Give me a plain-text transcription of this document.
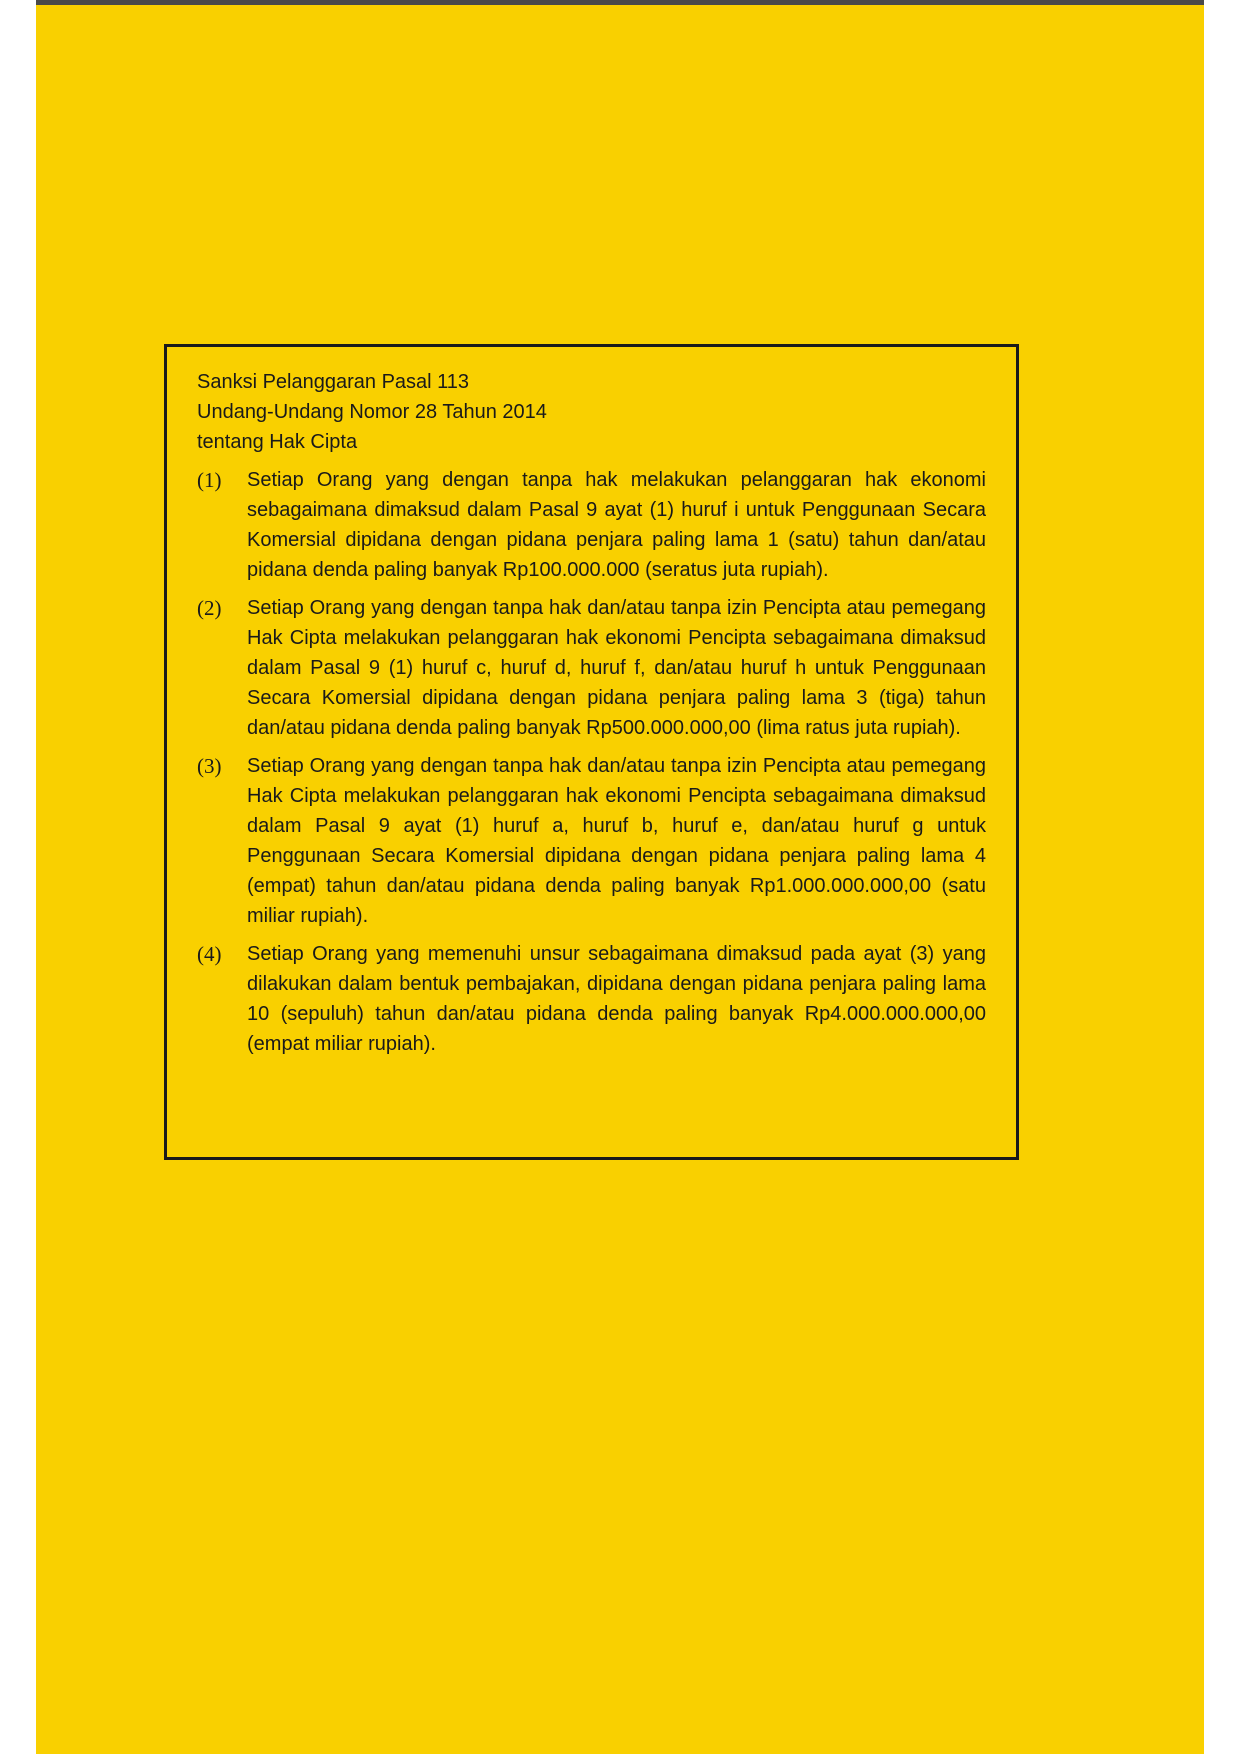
Sanksi Pelanggaran Pasal 113

Undang-Undang Nomor 28 Tahun 2014

tentang Hak Cipta

(1)	Setiap Orang yang dengan tanpa hak melakukan pelanggaran hak ekonomi sebagaimana dimaksud dalam Pasal 9 ayat (1) huruf i untuk Penggunaan Secara Komersial dipidana dengan pidana penjara paling lama 1 (satu) tahun dan/atau pidana denda paling banyak Rp100.000.000 (seratus juta rupiah).
(2)	Setiap Orang yang dengan tanpa hak dan/atau tanpa izin Pencipta atau pemegang Hak Cipta melakukan pelanggaran hak ekonomi Pencipta sebagaimana dimaksud dalam Pasal 9 (1) huruf c, huruf d, huruf f, dan/atau huruf h untuk Penggunaan Secara Komersial dipidana dengan pidana penjara paling lama 3 (tiga) tahun dan/atau pidana denda paling banyak Rp500.000.000,00 (lima ratus juta rupiah).
(3)	Setiap Orang yang dengan tanpa hak dan/atau tanpa izin Pencipta atau pemegang Hak Cipta melakukan pelanggaran hak ekonomi Pencipta sebagaimana dimaksud dalam Pasal 9 ayat (1) huruf a, huruf b, huruf e, dan/atau huruf g untuk Penggunaan Secara Komersial dipidana dengan pidana penjara paling lama 4 (empat) tahun dan/atau pidana denda paling banyak Rp1.000.000.000,00 (satu miliar rupiah).
(4)	Setiap Orang yang memenuhi unsur sebagaimana dimaksud pada ayat (3) yang dilakukan dalam bentuk pembajakan, dipidana dengan pidana penjara paling lama 10 (sepuluh) tahun dan/atau pidana denda paling banyak Rp4.000.000.000,00 (empat miliar rupiah).
